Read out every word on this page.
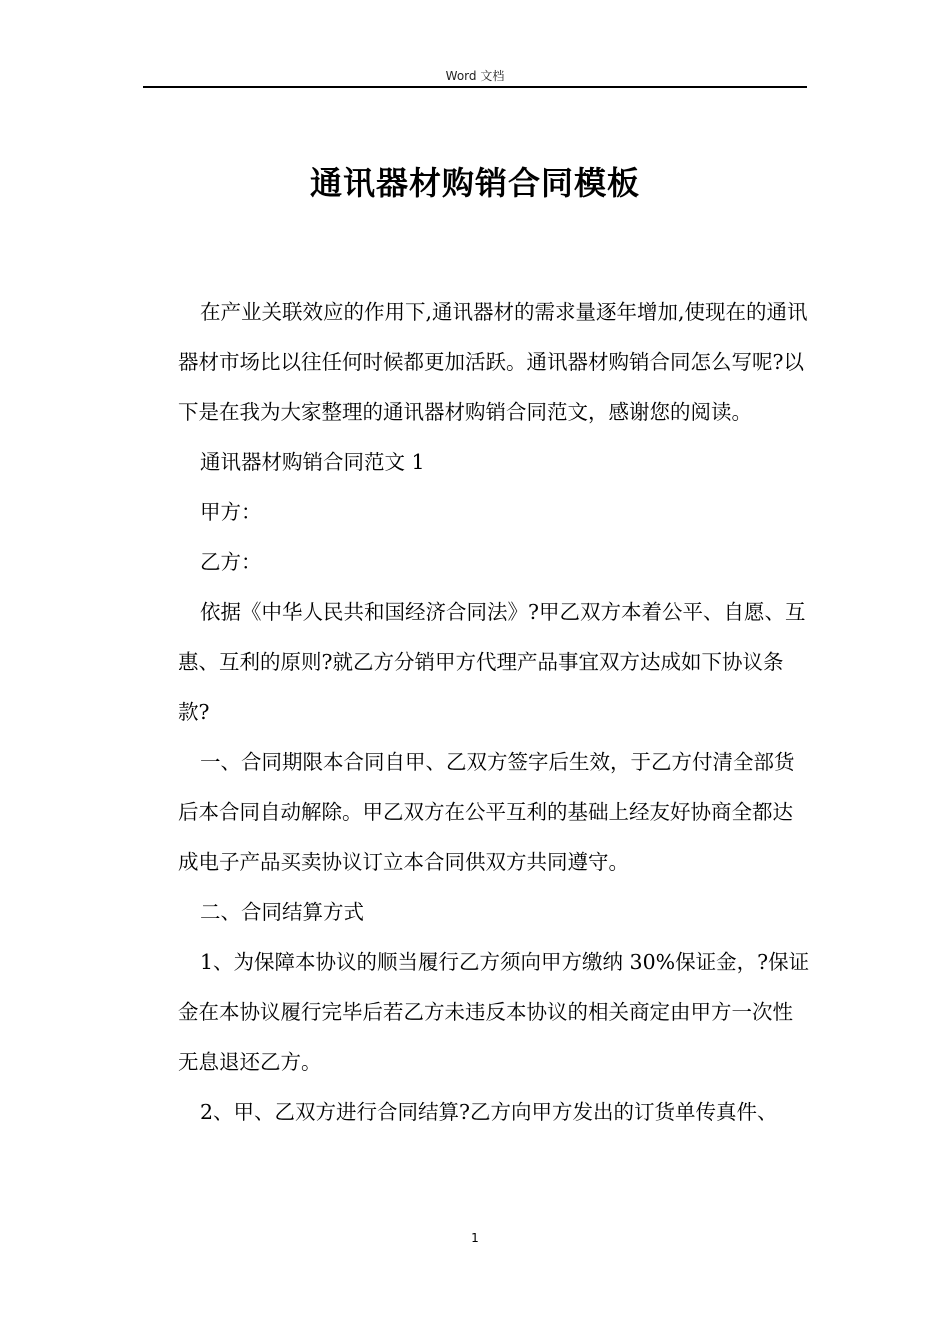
Word 文档
通讯器材购销合同模板

在产业关联效应的作用下,通讯器材的需求量逐年增加,使现在的通讯器材市场比以往任何时候都更加活跃。通讯器材购销合同怎么写呢?以下是在我为大家整理的通讯器材购销合同范文，感谢您的阅读。

通讯器材购销合同范文 1

甲方：

乙方：

依据《中华人民共和国经济合同法》?甲乙双方本着公平、自愿、互惠、互利的原则?就乙方分销甲方代理产品事宜双方达成如下协议条款?

一、合同期限本合同自甲、乙双方签字后生效，于乙方付清全部货后本合同自动解除。甲乙双方在公平互利的基础上经友好协商全都达成电子产品买卖协议订立本合同供双方共同遵守。

二、合同结算方式

1、为保障本协议的顺当履行乙方须向甲方缴纳 30%保证金，?保证金在本协议履行完毕后若乙方未违反本协议的相关商定由甲方一次性无息退还乙方。

2、甲、乙双方进行合同结算?乙方向甲方发出的订货单传真件、

1
